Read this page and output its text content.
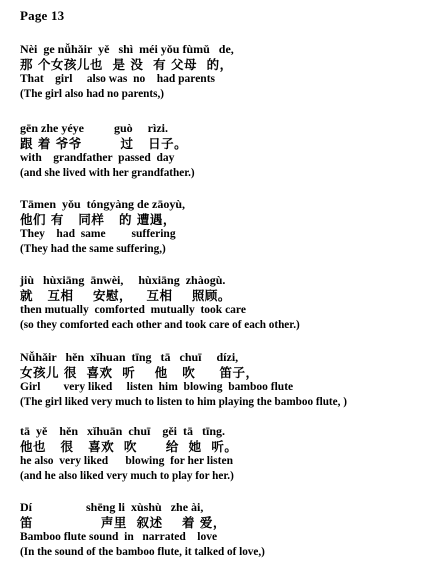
Page 13
Nèi  ge nǚhǎir  yě   shì  méi yǒu fùmǔ   de,
那 个女孩儿也  是 没  有 父母  的，
That    girl     also was  no    had parents
(The girl also had no parents,)
gēn zhe yéye          guò     rìzi.
跟 着 爷爷        过   日子。
with    grandfather  passed  day
(and she lived with her grandfather.)
Tāmen  yǒu  tóngyàng de zāoyù,
他们 有   同样   的 遭遇，
They    had  same         suffering
(They had the same suffering,)
jiù   hùxiāng  ānwèi,     hùxiāng  zhàogù.
就   互相    安慰，   互相    照顾。
then mutually  comforted  mutually  took care
(so they comforted each other and took care of each other.)
Nǚhǎir   hěn  xǐhuan  tīng   tā   chuī     dízi,
女孩儿 很  喜欢  听    他   吹     笛子，
Girl        very liked     listen  him  blowing  bamboo flute
(The girl liked very much to listen to him playing the bamboo flute, )
tā  yě    hěn   xǐhuān  chuī    gěi  tā   tīng.
他也   很   喜欢  吹      给  她  听。
he also  very liked      blowing  for her listen
(and he also liked very much to play for her.)
Dí                  shēng li  xùshù   zhe ài,
笛              声里  叙述    着 爱，
Bamboo flute sound  in   narrated    love
(In the sound of the bamboo flute, it talked of love,)
